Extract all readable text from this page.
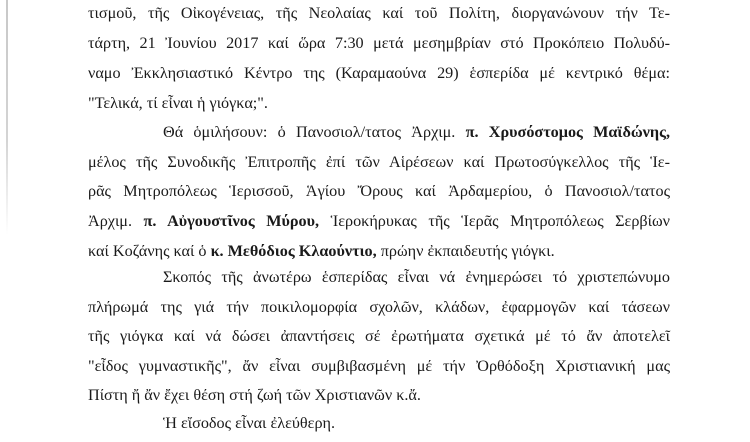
τισμοῦ, τῆς Οἰκογένειας, τῆς Νεολαίας καί τοῦ Πολίτη, διοργανώνουν τήν Τε-
τάρτη, 21 Ἰουνίου 2017 καί ὥρα 7:30 μετά μεσημβρίαν στό Προκόπειο Πολυδύ-
ναμο Ἐκκλησιαστικό Κέντρο της (Καραμαούνα 29) ἑσπερίδα μέ κεντρικό θέμα:
"Τελικά, τί εἶναι ἡ γιόγκα;".
Θά ὁμιλήσουν: ὁ Πανοσιολ/τατος Ἀρχιμ. π. Χρυσόστομος Μαϊδώνης,
μέλος τῆς Συνοδικῆς Ἐπιτροπῆς ἐπί τῶν Αἱρέσεων καί Πρωτοσύγκελλος τῆς Ἱε-
ρᾶς Μητροπόλεως Ἱερισσοῦ, Ἁγίου Ὄρους καί Ἀρδαμερίου, ὁ Πανοσιολ/τατος
Ἀρχιμ. π. Αὐγουστῖνος Μύρου, Ἱεροκήρυκας τῆς Ἱερᾶς Μητροπόλεως Σερβίων
καί Κοζάνης καί ὁ κ. Μεθόδιος Κλαούντιο, πρώην ἐκπαιδευτής γιόγκι.
Σκοπός τῆς ἀνωτέρω ἑσπερίδας εἶναι νά ἐνημερώσει τό χριστεπώνυμο
πλήρωμά της γιά τήν ποικιλομορφία σχολῶν, κλάδων, ἐφαρμογῶν καί τάσεων
τῆς γιόγκα καί νά δώσει ἀπαντήσεις σέ ἐρωτήματα σχετικά μέ τό ἄν ἀποτελεῖ
"εἶδος γυμναστικῆς", ἄν εἶναι συμβιβασμένη μέ τήν Ὀρθόδοξη Χριστιανική μας
Πίστη ἤ ἄν ἔχει θέση στή ζωή τῶν Χριστιανῶν κ.ἄ.
Ἡ εἴσοδος εἶναι ἐλεύθερη.
